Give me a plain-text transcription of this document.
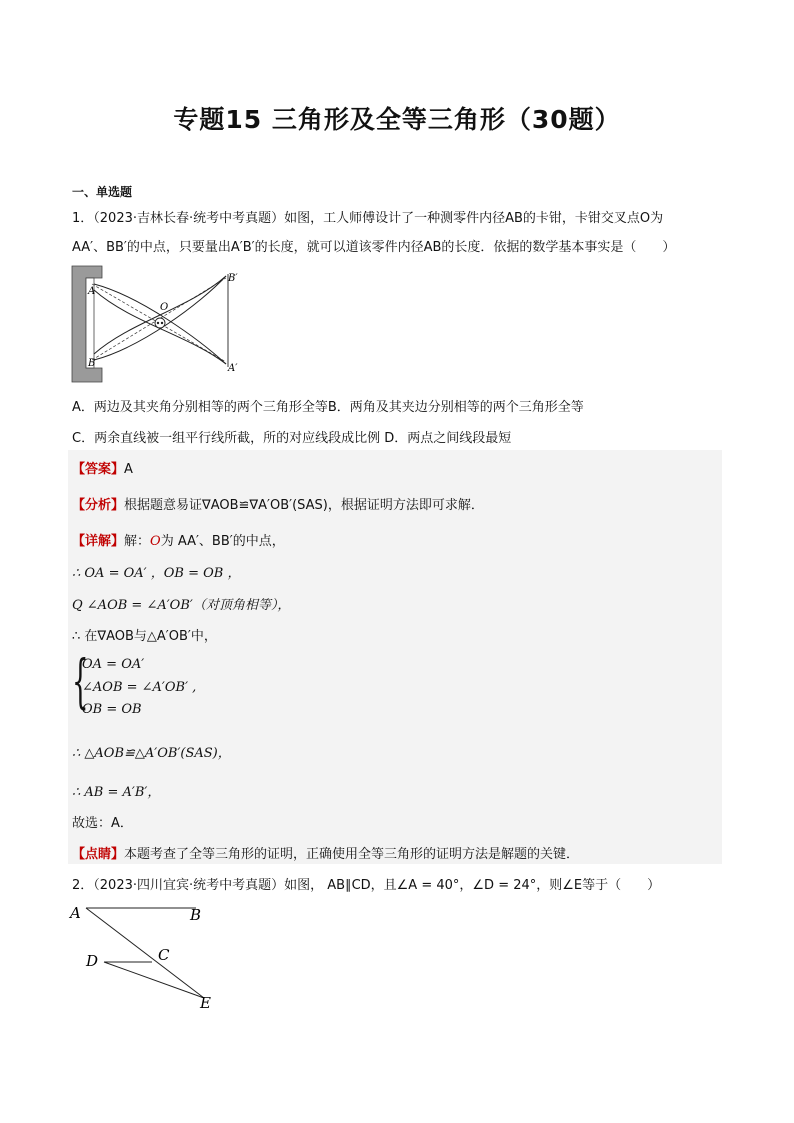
专题15 三角形及全等三角形（30题）
一、单选题
1．（2023·吉林长春·统考中考真题）如图，工人师傅设计了一种测零件内径AB的卡钳，卡钳交叉点O为
AA′、BB′的中点，只要量出A′B′的长度，就可以道该零件内径AB的长度．依据的数学基本事实是（　　）
A
B
O
B′
A′
A．两边及其夹角分别相等的两个三角形全等B．两角及其夹边分别相等的两个三角形全等
C．两余直线被一组平行线所截，所的对应线段成比例 D．两点之间线段最短
【答案】A
【分析】根据题意易证∇AOB≌∇A′OB′(SAS)，根据证明方法即可求解．
【详解】解：O为 AA′、BB′的中点，
∴ OA = OA′ ，OB = OB ，
Q ∠AOB = ∠A′OB′（对顶角相等），
∴ 在∇AOB与△A′OB′中，
{
OA = OA′
∠AOB = ∠A′OB′ ,
OB = OB
∴ △AOB≌△A′OB′(SAS)，
∴ AB = A′B′，
故选：A．
【点睛】本题考查了全等三角形的证明，正确使用全等三角形的证明方法是解题的关键．
2．（2023·四川宜宾·统考中考真题）如图， AB∥CD，且∠A = 40°，∠D = 24°，则∠E等于（　　）
A	B
C
D
E
